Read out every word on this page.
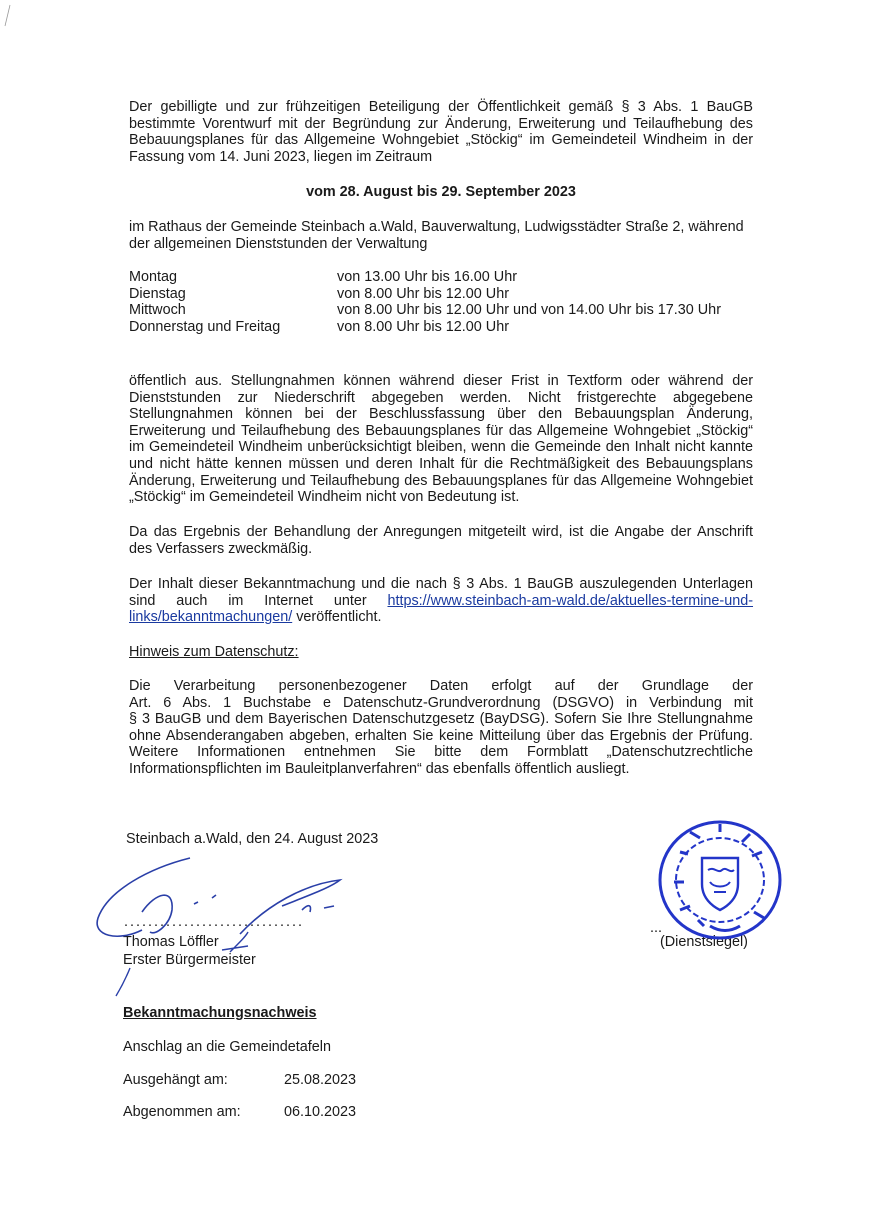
Der gebilligte und zur frühzeitigen Beteiligung der Öffentlichkeit gemäß § 3 Abs. 1 BauGB
bestimmte Vorentwurf mit der Begründung zur Änderung, Erweiterung und Teilaufhebung des
Bebauungsplanes für das Allgemeine Wohngebiet „Stöckig“ im Gemeindeteil Windheim in der
Fassung vom 14. Juni 2023, liegen im Zeitraum
vom 28. August bis 29. September 2023
im Rathaus der Gemeinde Steinbach a.Wald, Bauverwaltung, Ludwigsstädter Straße 2, während
der allgemeinen Dienststunden der Verwaltung
Montag	von 13.00 Uhr bis 16.00 Uhr
Dienstag	von 8.00 Uhr bis 12.00 Uhr
Mittwoch	von 8.00 Uhr bis 12.00 Uhr und von 14.00 Uhr bis 17.30 Uhr
Donnerstag und Freitag	von 8.00 Uhr bis 12.00 Uhr
öffentlich aus. Stellungnahmen können während dieser Frist in Textform oder während der
Dienststunden zur Niederschrift abgegeben werden. Nicht fristgerechte abgegebene
Stellungnahmen können bei der Beschlussfassung über den Bebauungsplan Änderung,
Erweiterung und Teilaufhebung des Bebauungsplanes für das Allgemeine Wohngebiet „Stöckig“
im Gemeindeteil Windheim unberücksichtigt bleiben, wenn die Gemeinde den Inhalt nicht kannte
und nicht hätte kennen müssen und deren Inhalt für die Rechtmäßigkeit des Bebauungsplans
Änderung, Erweiterung und Teilaufhebung des Bebauungsplanes für das Allgemeine Wohngebiet
„Stöckig“ im Gemeindeteil Windheim nicht von Bedeutung ist.
Da das Ergebnis der Behandlung der Anregungen mitgeteilt wird, ist die Angabe der Anschrift
des Verfassers zweckmäßig.
Der Inhalt dieser Bekanntmachung und die nach § 3 Abs. 1 BauGB auszulegenden Unterlagen
sind auch im Internet unter https://www.steinbach-am-wald.de/aktuelles-termine-und-
links/bekanntmachungen/ veröffentlicht.
Hinweis zum Datenschutz:
Die Verarbeitung personenbezogener Daten erfolgt auf der Grundlage der
Art. 6 Abs. 1 Buchstabe e Datenschutz-Grundverordnung (DSGVO) in Verbindung mit
§ 3 BauGB und dem Bayerischen Datenschutzgesetz (BayDSG). Sofern Sie Ihre Stellungnahme
ohne Absenderangaben abgeben, erhalten Sie keine Mitteilung über das Ergebnis der Prüfung.
Weitere Informationen entnehmen Sie bitte dem Formblatt „Datenschutzrechtliche
Informationspflichten im Bauleitplanverfahren“ das ebenfalls öffentlich ausliegt.
Steinbach a.Wald, den 24. August 2023
..............................
Thomas Löffler
Erster Bürgermeister
...
(Dienstsiegel)
Bekanntmachungsnachweis
Anschlag an die Gemeindetafeln
Ausgehängt am:	25.08.2023
Abgenommen am:	06.10.2023
